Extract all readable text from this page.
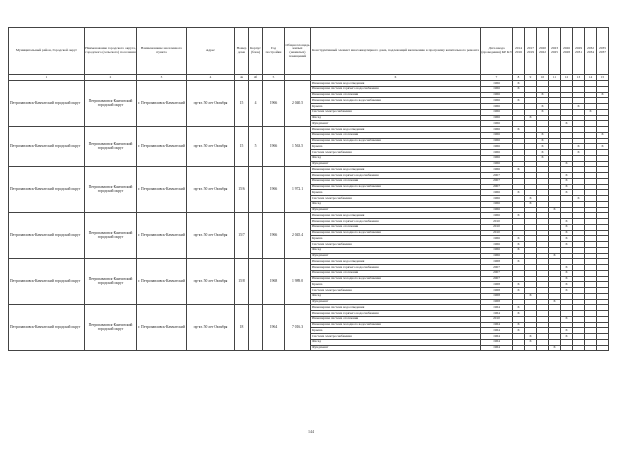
Муниципальный район, Городской округ	Наименование городского округа, городского (сельского) поселения	Наименование населенного пункта	Адрес	Номер дома	Корпус (блок)	Год постройки	Общая площадь жилых (нежилых) помещений	Конструктивный элемент многоквартирного дома, подлежащий включению в программу капитального ремонта	Дата ввода (проведения) КР КЭ	2014 2016	2017 2019	2020 2022	2023 2025	2026 2028	2029 2031	2032 2034	2035 2037
1	2	3	4	4а	4б	5		6	7	8	9	10	11	12	13	14	15
Петропавловск-Камчатский городской округ	Петропавловск-Камчатский городской округ	г. Петропавловск-Камчатский	пр-кт. 50 лет Октября	15	4	1966	2 040.5	Инженерная система водоотведения	1966	X							
								Инженерная система горячего водоснабжения	1966	X							
								Инженерная система отопления	1966			X					X
								Инженерная система холодного водоснабжения	1966	X							
								Крыша	1966			X			X		
								Система электроснабжения	1966			X				X	
								Фасад	1966		X						
								Фундамент	1966					X			
Петропавловск-Камчатский городской округ	Петропавловск-Камчатский городской округ	г. Петропавловск-Камчатский	пр-кт. 50 лет Октября	15	5	1966	1 563.5	Инженерная система водоотведения	1966	X							
								Инженерная система отопления	1966			X					X
								Инженерная система холодного водоснабжения	1966			X					
								Крыша	1966			X			X		X
								Система электроснабжения	1966			X			X		
								Фасад	1966			X					
								Фундамент	1966					X			
Петропавловск-Камчатский городской округ	Петропавловск-Камчатский городской округ	г. Петропавловск-Камчатский	пр-кт. 50 лет Октября	15/6		1966	1 972.1	Инженерная система водоотведения	1966	X							
								Инженерная система горячего водоснабжения	2007					X			
								Инженерная система отопления	2007					X			
								Инженерная система холодного водоснабжения	2007					X			
								Крыша	1966	X				X			
								Система электроснабжения	1966		X				X		
								Фасад	1966		X						
								Фундамент	1966				X				
Петропавловск-Камчатский городской округ	Петропавловск-Камчатский городской округ	г. Петропавловск-Камчатский	пр-кт. 50 лет Октября	15/7		1966	2 045.4	Инженерная система водоотведения	1966	X							
								Инженерная система горячего водоснабжения	2010					X			
								Инженерная система отопления	2010					X			
								Инженерная система холодного водоснабжения	2010					X			
								Крыша	1966	X				X			
								Система электроснабжения	1966	X				X			
								Фасад	1966	X							
								Фундамент	1966				X				
Петропавловск-Камчатский городской округ	Петропавловск-Камчатский городской округ	г. Петропавловск-Камчатский	пр-кт. 50 лет Октября	15/8		1968	1 989.0	Инженерная система водоотведения	1968	X							
								Инженерная система горячего водоснабжения	2007					X			
								Инженерная система отопления	2007					X			
								Инженерная система холодного водоснабжения	2007					X			
								Крыша	1968	X				X			
								Система электроснабжения	1968	X				X			
								Фасад	1968		X						
								Фундамент	1968				X				
Петропавловск-Камчатский городской округ	Петропавловск-Камчатский городской округ	г. Петропавловск-Камчатский	пр-кт. 50 лет Октября	18		1964	7 016.3	Инженерная система водоотведения	1964	X							
								Инженерная система горячего водоснабжения	1964	X							
								Инженерная система отопления	2010					X			
								Инженерная система холодного водоснабжения	1964	X							
								Крыша	1964	X				X			
								Система электроснабжения	1964		X			X			
								Фасад	1964		X						
								Фундамент	1964				X				
144
